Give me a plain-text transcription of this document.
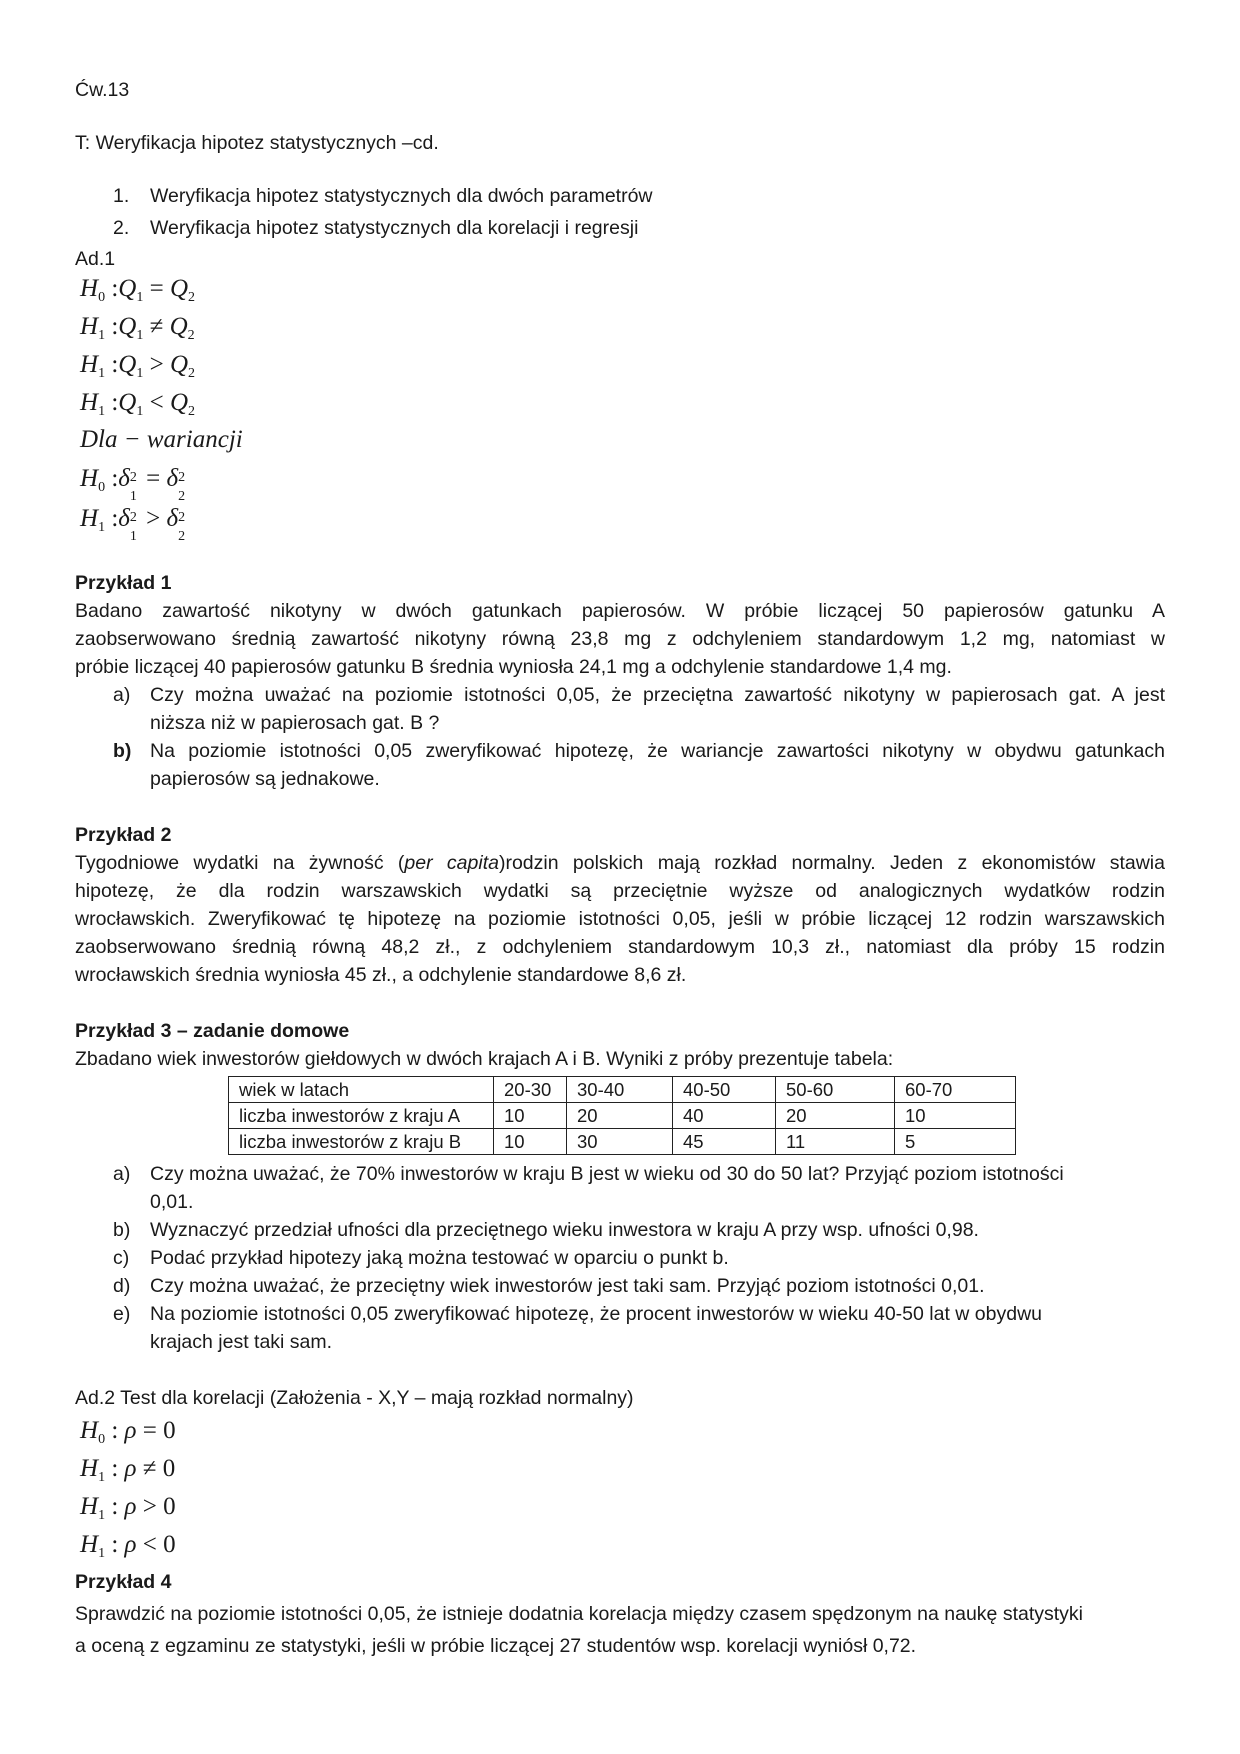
Ćw.13
T: Weryfikacja hipotez statystycznych –cd.
1. Weryfikacja hipotez statystycznych dla dwóch parametrów
2. Weryfikacja hipotez statystycznych dla korelacji i regresji
Ad.1
$H_0$ $:Q_1 = Q_2$
$H_1$ $:Q_1 \ne Q_2$
$H_1$ $:Q_1 > Q_2$
$H_1$ $:Q_1 < Q_2$
Dla − wariancji
$H_0$ :δ 2
1
= δ 2
2
$H_1$ :δ 2
1
> δ 2
2
Przykład 1
Badano zawartość nikotyny w dwóch gatunkach papierosów. W próbie liczącej 50 papierosów gatunku A
zaobserwowano średnią zawartość nikotyny równą 23,8 mg z odchyleniem standardowym 1,2 mg, natomiast w
próbie liczącej 40 papierosów gatunku B średnia wyniosła 24,1 mg a odchylenie standardowe 1,4 mg.
a) Czy można uważać na poziomie istotności 0,05, że przeciętna zawartość nikotyny w papierosach gat. A jest
niższa niż w papierosach gat. B ?
b) Na poziomie istotności 0,05 zweryfikować hipotezę, że wariancje zawartości nikotyny w obydwu gatunkach
papierosów są jednakowe.
Przykład 2
Tygodniowe wydatki na żywność (per capita)rodzin polskich mają rozkład normalny. Jeden z ekonomistów stawia
hipotezę, że dla rodzin warszawskich wydatki są przeciętnie wyższe od analogicznych wydatków rodzin
wrocławskich. Zweryfikować tę hipotezę na poziomie istotności 0,05, jeśli w próbie liczącej 12 rodzin warszawskich
zaobserwowano średnią równą 48,2 zł., z odchyleniem standardowym 10,3 zł., natomiast dla próby 15 rodzin
wrocławskich średnia wyniosła 45 zł., a odchylenie standardowe 8,6 zł.
Przykład 3 – zadanie domowe
Zbadano wiek inwestorów giełdowych w dwóch krajach A i B. Wyniki z próby prezentuje tabela:
wiek w latach	20-30	30-40	40-50	50-60	60-70
liczba inwestorów z kraju A	10	20	40	20	10
liczba inwestorów z kraju B	10	30	45	11	5
a) Czy można uważać, że 70% inwestorów w kraju B jest w wieku od 30 do 50 lat? Przyjąć poziom istotności
0,01.
b) Wyznaczyć przedział ufności dla przeciętnego wieku inwestora w kraju A przy wsp. ufności 0,98.
c) Podać przykład hipotezy jaką można testować w oparciu o punkt b.
d) Czy można uważać, że przeciętny wiek inwestorów jest taki sam. Przyjąć poziom istotności 0,01.
e) Na poziomie istotności 0,05 zweryfikować hipotezę, że procent inwestorów w wieku 40-50 lat w obydwu
krajach jest taki sam.
Ad.2 Test dla korelacji (Założenia - X,Y – mają rozkład normalny)
$H_0$ : ρ = 0
$H_1$ : ρ ≠ 0
$H_1$ : ρ > 0
$H_1$ : ρ < 0
Przykład 4
Sprawdzić na poziomie istotności 0,05, że istnieje dodatnia korelacja między czasem spędzonym na naukę statystyki
a oceną z egzaminu ze statystyki, jeśli w próbie liczącej 27 studentów wsp. korelacji wyniósł 0,72.
